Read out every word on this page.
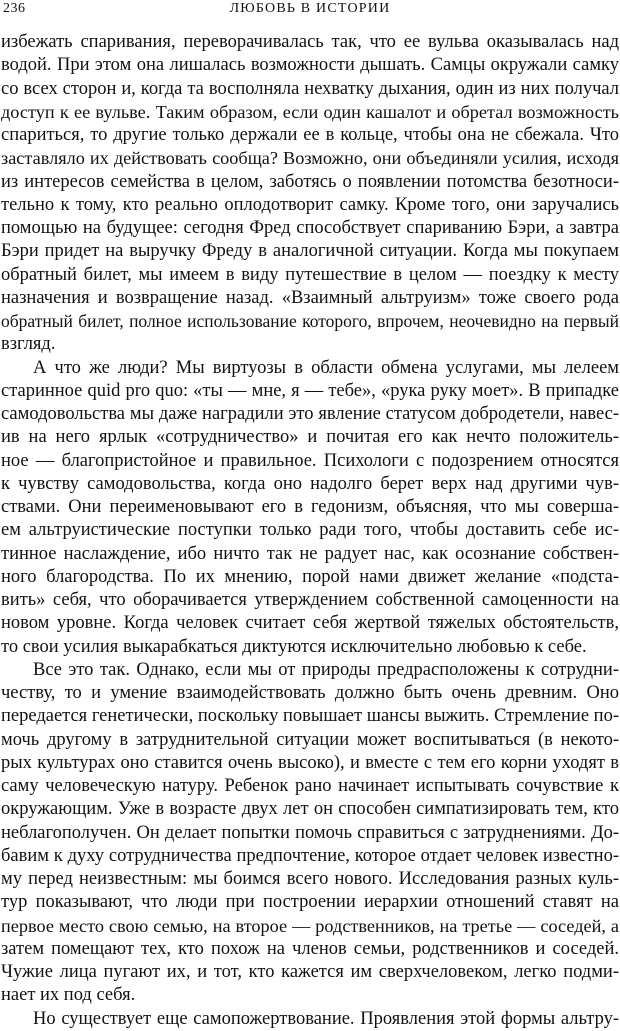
236	ЛЮБОВЬ В ИСТОРИИ
избежать спаривания, переворачивалась так, что ее вульва оказывалась над
водой. При этом она лишалась возможности дышать. Самцы окружали самку
со всех сторон и, когда та восполняла нехватку дыхания, один из них получал
доступ к ее вульве. Таким образом, если один кашалот и обретал возможность
спариться, то другие только держали ее в кольце, чтобы она не сбежала. Что
заставляло их действовать сообща? Возможно, они объединяли усилия, исходя
из интересов семейства в целом, заботясь о появлении потомства безотноси-
тельно к тому, кто реально оплодотворит самку. Кроме того, они заручались
помощью на будущее: сегодня Фред способствует спариванию Бэри, а завтра
Бэри придет на выручку Фреду в аналогичной ситуации. Когда мы покупаем
обратный билет, мы имеем в виду путешествие в целом — поездку к месту
назначения и возвращение назад. «Взаимный альтруизм» тоже своего рода
обратный билет, полное использование которого, впрочем, неочевидно на первый
взгляд.
А что же люди? Мы виртуозы в области обмена услугами, мы лелеем
старинное quid pro quo: «ты — мне, я — тебе», «рука руку моет». В припадке
самодовольства мы даже наградили это явление статусом добродетели, навес-
ив на него ярлык «сотрудничество» и почитая его как нечто положитель-
ное — благопристойное и правильное. Психологи с подозрением относятся
к чувству самодовольства, когда оно надолго берет верх над другими чув-
ствами. Они переименовывают его в гедонизм, объясняя, что мы соверша-
ем альтруистические поступки только ради того, чтобы доставить себе ис-
тинное наслаждение, ибо ничто так не радует нас, как осознание собствен-
ного благородства. По их мнению, порой нами движет желание «подста-
вить» себя, что оборачивается утверждением собственной самоценности на
новом уровне. Когда человек считает себя жертвой тяжелых обстоятельств,
то свои усилия выкарабкаться диктуются исключительно любовью к себе.
Все это так. Однако, если мы от природы предрасположены к сотрудни-
честву, то и умение взаимодействовать должно быть очень древним. Оно
передается генетически, поскольку повышает шансы выжить. Стремление по-
мочь другому в затруднительной ситуации может воспитываться (в некото-
рых культурах оно ставится очень высоко), и вместе с тем его корни уходят в
саму человеческую натуру. Ребенок рано начинает испытывать сочувствие к
окружающим. Уже в возрасте двух лет он способен симпатизировать тем, кто
неблагополучен. Он делает попытки помочь справиться с затруднениями. До-
бавим к духу сотрудничества предпочтение, которое отдает человек известно-
му перед неизвестным: мы боимся всего нового. Исследования разных куль-
тур показывают, что люди при построении иерархии отношений ставят на
первое место свою семью, на второе — родственников, на третье — соседей, а
затем помещают тех, кто похож на членов семьи, родственников и соседей.
Чужие лица пугают их, и тот, кто кажется им сверхчеловеком, легко подми-
нает их под себя.
Но существует еще самопожертвование. Проявления этой формы альтру-
